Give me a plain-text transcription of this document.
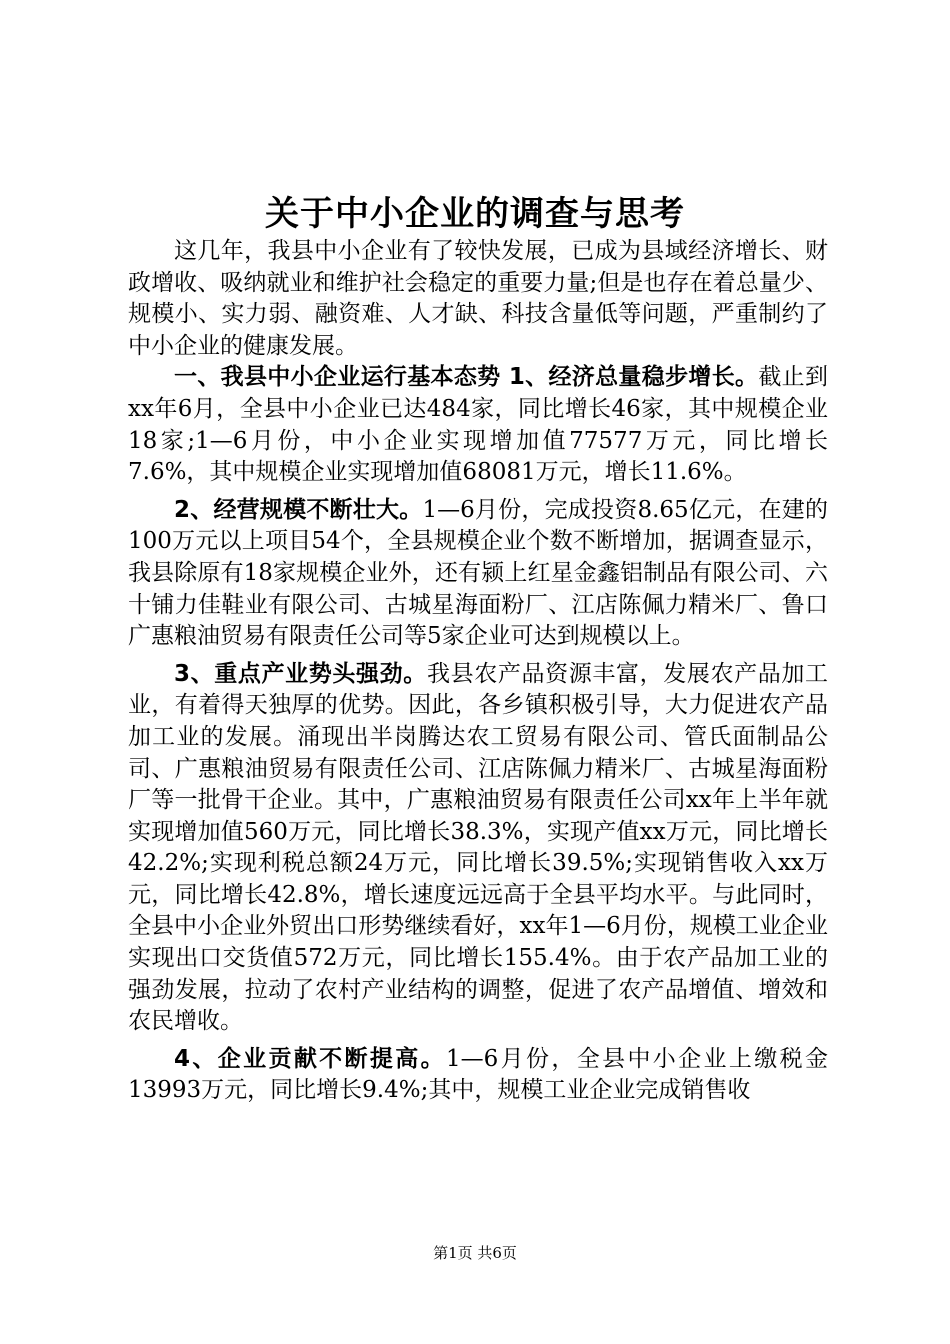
关于中小企业的调查与思考

这几年，我县中小企业有了较快发展，已成为县域经济增长、财政增收、吸纳就业和维护社会稳定的重要力量;但是也存在着总量少、规模小、实力弱、融资难、人才缺、科技含量低等问题，严重制约了中小企业的健康发展。

一、我县中小企业运行基本态势 1、经济总量稳步增长。截止到xx年6月，全县中小企业已达484家，同比增长46家，其中规模企业18家;1—6月份，中小企业实现增加值77577万元，同比增长7.6%，其中规模企业实现增加值68081万元，增长11.6%。

2、经营规模不断壮大。1—6月份，完成投资8.65亿元，在建的100万元以上项目54个，全县规模企业个数不断增加，据调查显示，我县除原有18家规模企业外，还有颍上红星金鑫铝制品有限公司、六十铺力佳鞋业有限公司、古城星海面粉厂、江店陈佩力精米厂、鲁口广惠粮油贸易有限责任公司等5家企业可达到规模以上。

3、重点产业势头强劲。我县农产品资源丰富，发展农产品加工业，有着得天独厚的优势。因此，各乡镇积极引导，大力促进农产品加工业的发展。涌现出半岗腾达农工贸易有限公司、管氏面制品公司、广惠粮油贸易有限责任公司、江店陈佩力精米厂、古城星海面粉厂等一批骨干企业。其中，广惠粮油贸易有限责任公司xx年上半年就实现增加值560万元，同比增长38.3%，实现产值xx万元，同比增长42.2%;实现利税总额24万元，同比增长39.5%;实现销售收入xx万元，同比增长42.8%，增长速度远远高于全县平均水平。与此同时，全县中小企业外贸出口形势继续看好，xx年1—6月份，规模工业企业实现出口交货值572万元，同比增长155.4%。由于农产品加工业的强劲发展，拉动了农村产业结构的调整，促进了农产品增值、增效和农民增收。

4、企业贡献不断提高。1—6月份，全县中小企业上缴税金13993万元，同比增长9.4%;其中，规模工业企业完成销售收

第1页 共6页
